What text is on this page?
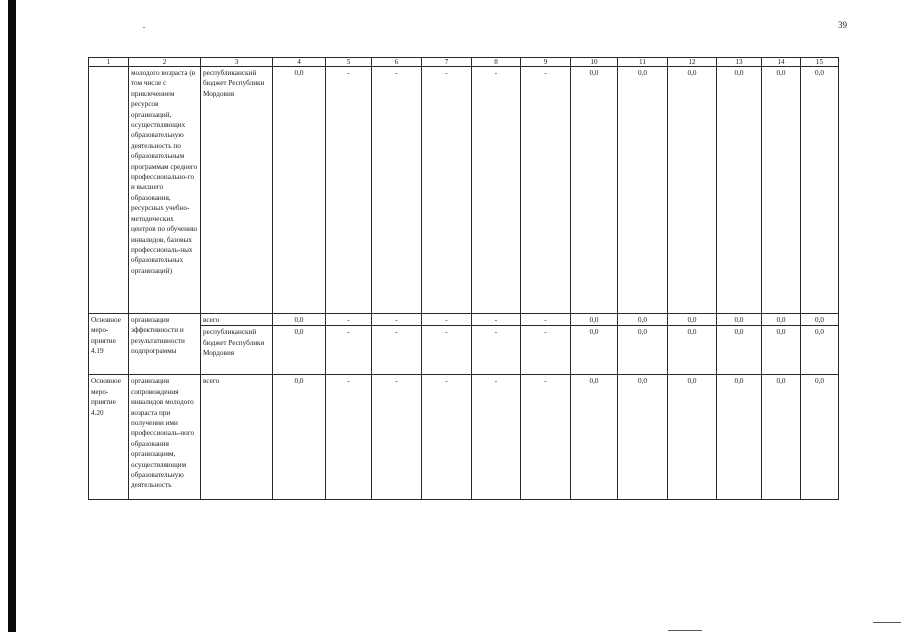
39
1	2	3	4	5	6	7	8	9	10	11	12	13	14	15
	молодого возраста (в том числе с привлечением ресурсов организаций, осуществляющих образовательную деятельность по образовательным программам среднего профессионально-го и высшего образования, ресурсных учебно-методических центров по обучению инвалидов, базовых профессиональ-ных образовательных организаций)	республиканский бюджет Республики Мордовия	0,0	-	-	-	-	-	0,0	0,0	0,0	0,0	0,0	0,0
Основное меро-приятие 4.19	организация эффективности и результативности подпрограммы	всего	0,0	-	-	-	-	-	0,0	0,0	0,0	0,0	0,0	0,0
		республиканский бюджет Республики Мордовия	0,0	-	-	-	-	-	0,0	0,0	0,0	0,0	0,0	0,0
Основное меро-приятие 4.20	организация сопровождения инвалидов молодого возраста при получении ими профессиональ-ного образования организациям, осуществляющим образовательную деятельность	всего	0,0	-	-	-	-	-	0,0	0,0	0,0	0,0	0,0	0,0
